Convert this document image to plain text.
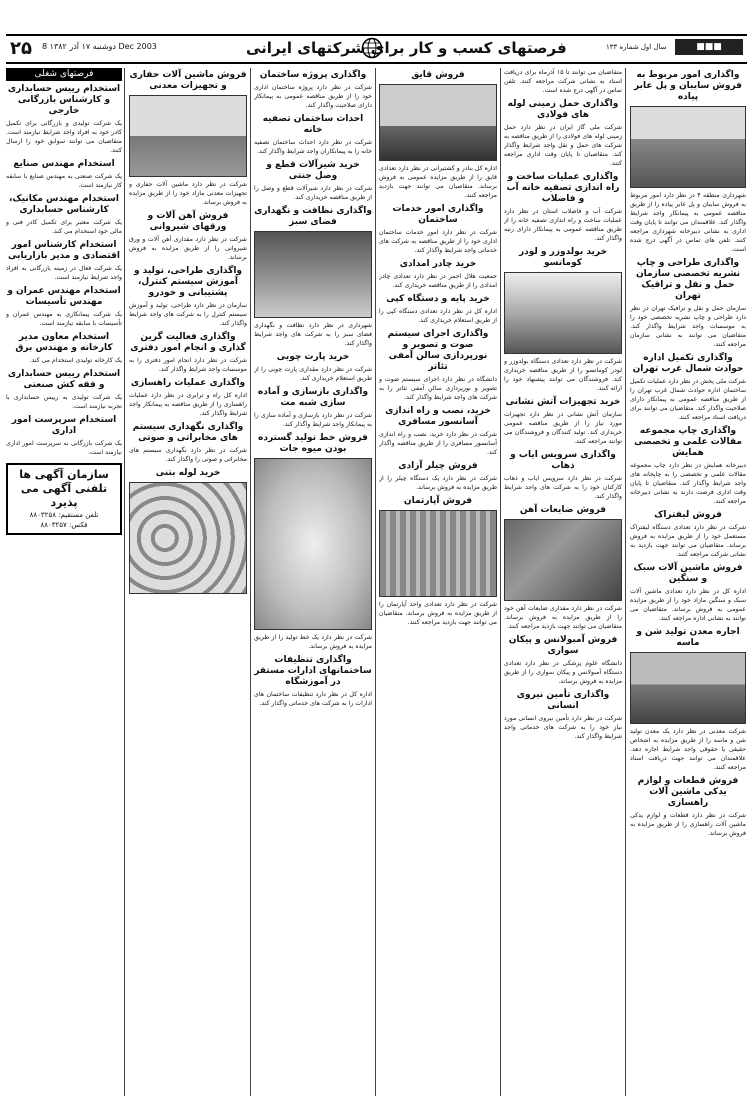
۲۵ دوشنبه ۱۷ آذر ۱۳۸۲ 8 Dec 2003	فرصتهای کسب و کار برای شرکتهای ایرانی	سال اول شماره ۱۳۳	■■■
واگذاری امور مربوط به فروش سایبان و پل عابر پیاده

شهرداری منطقه ۴ در نظر دارد امور مربوط به فروش سایبان و پل عابر پیاده را از طریق مناقصه عمومی به پیمانکار واجد شرایط واگذار کند. علاقمندان می توانند تا پایان وقت اداری به نشانی دبیرخانه شهرداری مراجعه کنند. تلفن های تماس در آگهی درج شده است.

واگذاری طراحی و چاپ نشریه تخصصی سازمان حمل و نقل و ترافیک تهران

سازمان حمل و نقل و ترافیک تهران در نظر دارد طراحی و چاپ نشریه تخصصی خود را به موسسات واجد شرایط واگذار کند. متقاضیان می توانند به نشانی سازمان مراجعه کنند.

واگذاری تکمیل اداره حوادث شمال غرب تهران

شرکت ملی پخش در نظر دارد عملیات تکمیل ساختمان اداره حوادث شمال غرب تهران را از طریق مناقصه عمومی به پیمانکار دارای صلاحیت واگذار کند. متقاضیان می توانند برای دریافت اسناد مراجعه کنند.

واگذاری چاپ مجموعه مقالات علمی و تخصصی همایش

دبیرخانه همایش در نظر دارد چاپ مجموعه مقالات علمی و تخصصی را به چاپخانه های واجد شرایط واگذار کند. متقاضیان تا پایان وقت اداری فرصت دارند به نشانی دبیرخانه مراجعه کنند.

فروش لیفتراک

شرکت در نظر دارد تعدادی دستگاه لیفتراک مستعمل خود را از طریق مزایده به فروش برساند. متقاضیان می توانند جهت بازدید به نشانی شرکت مراجعه کنند.

فروش ماشین آلات سبک و سنگین

اداره کل در نظر دارد تعدادی ماشین آلات سبک و سنگین مازاد خود را از طریق مزایده عمومی به فروش برساند. متقاضیان می توانند به نشانی اداره مراجعه کنند.

اجاره معدن تولید شن و ماسه

شرکت معدنی در نظر دارد یک معدن تولید شن و ماسه را از طریق مزایده به اشخاص حقیقی یا حقوقی واجد شرایط اجاره دهد. علاقمندان می توانند جهت دریافت اسناد مراجعه کنند.

فروش قطعات و لوازم یدکی ماشین آلات راهسازی

شرکت در نظر دارد قطعات و لوازم یدکی ماشین آلات راهسازی را از طریق مزایده به فروش برساند.

متقاضیان می توانند تا ۱۵ آذرماه برای دریافت اسناد به نشانی شرکت مراجعه کنند. تلفن تماس در آگهی درج شده است.

واگذاری حمل زمینی لوله های فولادی

شرکت ملی گاز ایران در نظر دارد حمل زمینی لوله های فولادی را از طریق مناقصه به شرکت های حمل و نقل واجد شرایط واگذار کند. متقاضیان تا پایان وقت اداری مراجعه کنند.

واگذاری عملیات ساخت و راه اندازی تصفیه خانه آب و فاضلاب

شرکت آب و فاضلاب استان در نظر دارد عملیات ساخت و راه اندازی تصفیه خانه را از طریق مناقصه عمومی به پیمانکار دارای رتبه واگذار کند.

خرید بولدوزر و لودر کوماتسو

شرکت در نظر دارد تعدادی دستگاه بولدوزر و لودر کوماتسو را از طریق مناقصه خریداری کند. فروشندگان می توانند پیشنهاد خود را ارائه کنند.

خرید تجهیزات آتش نشانی

سازمان آتش نشانی در نظر دارد تجهیزات مورد نیاز را از طریق مناقصه عمومی خریداری کند. تولید کنندگان و فروشندگان می توانند مراجعه کنند.

واگذاری سرویس ایاب و ذهاب

شرکت در نظر دارد سرویس ایاب و ذهاب کارکنان خود را به شرکت های واجد شرایط واگذار کند.

فروش ضایعات آهن

شرکت در نظر دارد مقداری ضایعات آهن خود را از طریق مزایده به فروش برساند. متقاضیان می توانند جهت بازدید مراجعه کنند.

فروش آمبولانس و پیکان سواری

دانشگاه علوم پزشکی در نظر دارد تعدادی دستگاه آمبولانس و پیکان سواری را از طریق مزایده به فروش برساند.

واگذاری تأمین نیروی انسانی

شرکت در نظر دارد تأمین نیروی انسانی مورد نیاز خود را به شرکت های خدماتی واجد شرایط واگذار کند.

فروش قایق

اداره کل بنادر و کشتیرانی در نظر دارد تعدادی قایق را از طریق مزایده عمومی به فروش برساند. متقاضیان می توانند جهت بازدید مراجعه کنند.

واگذاری امور خدمات ساختمان

شرکت در نظر دارد امور خدمات ساختمان اداری خود را از طریق مناقصه به شرکت های خدماتی واجد شرایط واگذار کند.

خرید چادر امدادی

جمعیت هلال احمر در نظر دارد تعدادی چادر امدادی را از طریق مناقصه خریداری کند.

خرید پایه و دستگاه کپی

اداره کل در نظر دارد تعدادی دستگاه کپی را از طریق استعلام خریداری کند.

واگذاری اجرای سیستم صوت و تصویر و نورپردازی سالن آمفی تئاتر

دانشگاه در نظر دارد اجرای سیستم صوت و تصویر و نورپردازی سالن آمفی تئاتر را به شرکت های واجد شرایط واگذار کند.

خرید، نصب و راه اندازی آسانسور مسافری

شرکت در نظر دارد خرید، نصب و راه اندازی آسانسور مسافری را از طریق مناقصه واگذار کند.

فروش چیلر آزادی

شرکت در نظر دارد یک دستگاه چیلر را از طریق مزایده به فروش برساند.

فروش آپارتمان

شرکت در نظر دارد تعدادی واحد آپارتمان را از طریق مزایده به فروش برساند. متقاضیان می توانند جهت بازدید مراجعه کنند.

واگذاری پروژه ساختمان

شرکت در نظر دارد پروژه ساختمان اداری خود را از طریق مناقصه عمومی به پیمانکار دارای صلاحیت واگذار کند.

احداث ساختمان تصفیه خانه

شرکت در نظر دارد احداث ساختمان تصفیه خانه را به پیمانکاران واجد شرایط واگذار کند.

خرید شیرآلات قطع و وصل جنتی

شرکت در نظر دارد شیرآلات قطع و وصل را از طریق مناقصه خریداری کند.

واگذاری نظافت و نگهداری فضای سبز

شهرداری در نظر دارد نظافت و نگهداری فضای سبز را به شرکت های واجد شرایط واگذار کند.

خرید پارت چوبی

شرکت در نظر دارد مقداری پارت چوبی را از طریق استعلام خریداری کند.

واگذاری بازسازی و آماده سازی شبه مت

شرکت در نظر دارد بازسازی و آماده سازی را به پیمانکار واجد شرایط واگذار کند.

فروش خط تولید گسترده بودن میوه جات

شرکت در نظر دارد یک خط تولید را از طریق مزایده به فروش برساند.

واگذاری تنظیفات ساختمانهای ادارات مستقر در آموزشگاه

اداره کل در نظر دارد تنظیفات ساختمان های ادارات را به شرکت های خدماتی واگذار کند.

فروش ماشین آلات حفاری و تجهیزات معدنی

شرکت در نظر دارد ماشین آلات حفاری و تجهیزات معدنی مازاد خود را از طریق مزایده به فروش برساند.

فروش آهن آلات و ورقهای شیروانی

شرکت در نظر دارد مقداری آهن آلات و ورق شیروانی را از طریق مزایده به فروش برساند.

واگذاری طراحی، تولید و آموزش سیستم کنترل، پشتیبانی و خودرو

سازمان در نظر دارد طراحی، تولید و آموزش سیستم کنترل را به شرکت های واجد شرایط واگذار کند.

واگذاری فعالیت گرین گذاری و انجام امور دفتری

شرکت در نظر دارد انجام امور دفتری را به موسسات واجد شرایط واگذار کند.

واگذاری عملیات راهسازی

اداره کل راه و ترابری در نظر دارد عملیات راهسازی را از طریق مناقصه به پیمانکار واجد شرایط واگذار کند.

واگذاری نگهداری سیستم های مخابراتی و صوتی

شرکت در نظر دارد نگهداری سیستم های مخابراتی و صوتی را واگذار کند.

خرید لوله بتنی
فرصتهای شغلی
استخدام رییس حسابداری و کارشناس بازرگانی خارجی

یک شرکت تولیدی و بازرگانی برای تکمیل کادر خود به افراد واجد شرایط نیازمند است. متقاضیان می توانند سوابق خود را ارسال کنند.

استخدام مهندس صنایع

یک شرکت صنعتی به مهندس صنایع با سابقه کار نیازمند است.

استخدام مهندس مکانیک، کارشناس حسابداری

یک شرکت معتبر برای تکمیل کادر فنی و مالی خود استخدام می کند.

استخدام کارشناس امور اقتصادی و مدیر بازاریابی

یک شرکت فعال در زمینه بازرگانی به افراد واجد شرایط نیازمند است.

استخدام مهندس عمران و مهندس تأسیسات

یک شرکت پیمانکاری به مهندس عمران و تأسیسات با سابقه نیازمند است.

استخدام معاون مدیر کارخانه و مهندس برق

یک کارخانه تولیدی استخدام می کند.

استخدام رییس حسابداری و فقه کش صنعتی

یک شرکت تولیدی به رییس حسابداری با تجربه نیازمند است.

استخدام سرپرست امور اداری

یک شرکت بازرگانی به سرپرست امور اداری نیازمند است.

سازمان آگهی ها
تلفنی آگهی می پذیرد
تلفن مستقیم: ۸۸۰۳۲۵۸
فکس: ۸۸۰۳۲۵۷
